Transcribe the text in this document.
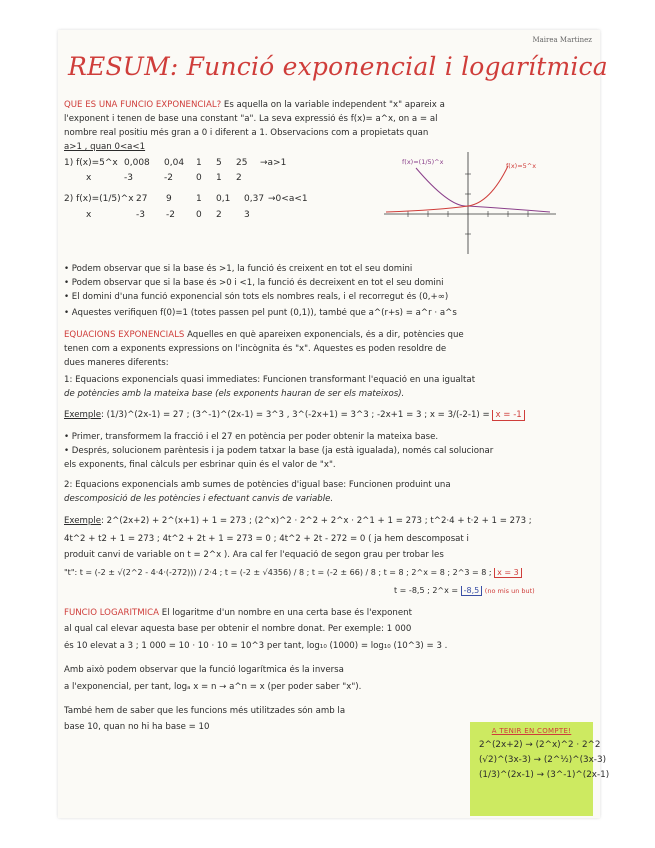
Mairea Martinez
RESUM: Funció exponencial i logarítmica
QUE ÉS UNA FUNCIÓ EXPONENCIAL? És aquella on la variable independent "x" apareix a
l'exponent i tenen de base una constant "a". La seva expressió és f(x)= a^x, on a = al
nombre real positiu més gran a 0 i diferent a 1. Observacions com a propietats quan
a>1 , quan 0<a<1
1) f(x)=5^x 0,008 0,04 1 5 25 →a>1
x	-3	-2	0 1 2
2) f(x)=(1/5)^x 27 9	1 0,1 0,37 →0<a<1
x	-3 -2 0 2 3
f(x)=(1/5)^x	f(x)=5^x
• Podem observar que si la base és >1, la funció és creixent en tot el seu domini
• Podem observar que si la base és >0 i <1, la funció és decreixent en tot el seu domini
• El domini d'una funció exponencial són tots els nombres reals, i el recorregut és (0,+∞)
• Aquestes verifiquen f(0)=1 (totes passen pel punt (0,1)), també que a^(r+s) = a^r · a^s
EQUACIONS EXPONENCIALS Aquelles en què apareixen exponencials, és a dir, potències que
tenen com a exponents expressions on l'incògnita és "x". Aquestes es poden resoldre de
dues maneres diferents:
1: Equacions exponencials quasi immediates: Funcionen transformant l'equació en una igualtat
de potències amb la mateixa base (els exponents hauran de ser els mateixos).
Exemple: (1/3)^(2x-1) = 27 ; (3^-1)^(2x-1) = 3^3 , 3^(-2x+1) = 3^3 ; -2x+1 = 3 ; x = 3/(-2-1) = x = -1
• Primer, transformem la fracció i el 27 en potència per poder obtenir la mateixa base.
• Després, solucionem parèntesis i ja podem tatxar la base (ja està igualada), només cal solucionar
els exponents, final càlculs per esbrinar quin és el valor de "x".
2: Equacions exponencials amb sumes de potències d'igual base: Funcionen produint una
descomposició de les potències i efectuant canvis de variable.
Exemple: 2^(2x+2) + 2^(x+1) + 1 = 273 ; (2^x)^2 · 2^2 + 2^x · 2^1 + 1 = 273 ; t^2·4 + t·2 + 1 = 273 ;
4t^2 + t2 + 1 = 273 ; 4t^2 + 2t + 1 = 273 = 0 ; 4t^2 + 2t - 272 = 0 ( ja hem descomposat i
produit canvi de variable on t = 2^x ). Ara cal fer l'equació de segon grau per trobar les
"t": t = (-2 ± √(2^2 - 4·4·(-272))) / 2·4 ; t = (-2 ± √4356) / 8 ; t = (-2 ± 66) / 8 ; t = 8 ; 2^x = 8 ; 2^3 = 8 ; x = 3
t = -8,5 ; 2^x = -8,5 (no mis un but)
FUNCIÓ LOGARÍTMICA El logaritme d'un nombre en una certa base és l'exponent
al qual cal elevar aquesta base per obtenir el nombre donat. Per exemple: 1 000
és 10 elevat a 3 ; 1 000 = 10 · 10 · 10 = 10^3 per tant, log₁₀ (1000) = log₁₀ (10^3) = 3 .
Amb això podem observar que la funció logarítmica és la inversa
a l'exponencial, per tant, logₐ x = n → a^n = x (per poder saber "x").
També hem de saber que les funcions més utilitzades són amb la
base 10, quan no hi ha base = 10	A TENIR EN COMPTE!
2^(2x+2) → (2^x)^2 · 2^2
(√2)^(3x-3) → (2^½)^(3x-3)
(1/3)^(2x-1) → (3^-1)^(2x-1)
